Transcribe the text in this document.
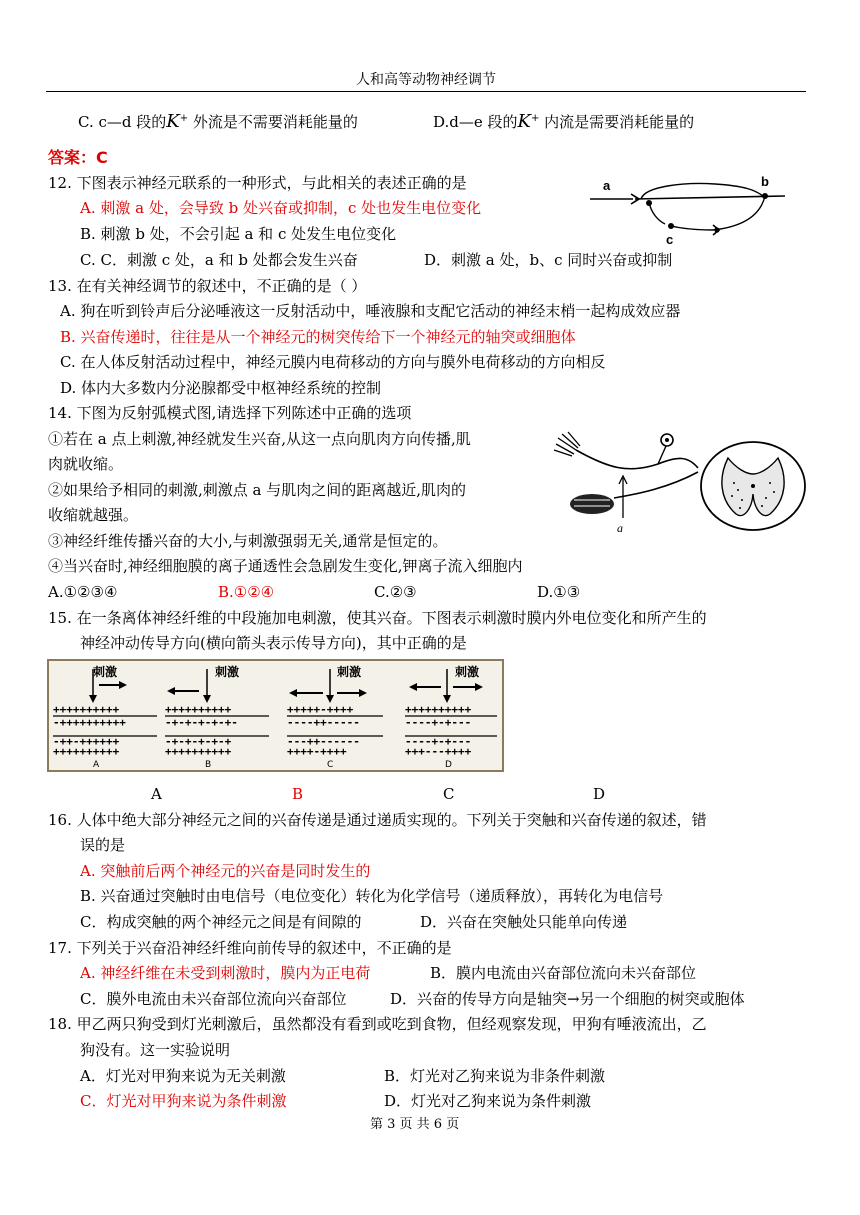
人和高等动物神经调节
C. c—d 段的K+ 外流是不需要消耗能量的	D.d—e 段的K+ 内流是需要消耗能量的
答案：C
12. 下图表示神经元联系的一种形式，与此相关的表述正确的是
A. 刺激 a 处，会导致 b 处兴奋或抑制，c 处也发生电位变化
B. 刺激 b 处，不会引起 a 和 c 处发生电位变化
C. C．刺激 c 处，a 和 b 处都会发生兴奋	D．刺激 a 处，b、c 同时兴奋或抑制
a	b
c
13. 在有关神经调节的叙述中，不正确的是（ ）
A. 狗在听到铃声后分泌唾液这一反射活动中，唾液腺和支配它活动的神经末梢一起构成效应器
B. 兴奋传递时，往往是从一个神经元的树突传给下一个神经元的轴突或细胞体
C. 在人体反射活动过程中，神经元膜内电荷移动的方向与膜外电荷移动的方向相反
D. 体内大多数内分泌腺都受中枢神经系统的控制
14. 下图为反射弧模式图,请选择下列陈述中正确的选项
①若在 a 点上刺激,神经就发生兴奋,从这一点向肌肉方向传播,肌
肉就收缩。
②如果给予相同的刺激,刺激点 a 与肌肉之间的距离越近,肌肉的
收缩就越强。
③神经纤维传播兴奋的大小,与刺激强弱无关,通常是恒定的。
④当兴奋时,神经细胞膜的离子通透性会急剧发生变化,钾离子流入细胞内
A.①②③④	B.①②④	C.②③	D.①③
a
15. 在一条离体神经纤维的中段施加电刺激，使其兴奋。下图表示刺激时膜内外电位变化和所产生的
神经冲动传导方向(横向箭头表示传导方向)，其中正确的是
刺激
++++++++++
-++++++++++
-++-++++++
++++++++++
A
刺激
++++++++++
-+-+-+-+-+-
-+-+-+-+-+
++++++++++
B
刺激
+++++-++++
----++-----
---++------
++++-++++
C
刺激
++++++++++
----+-+---
----+-+---
+++---++++
D
A	B	C	D
16. 人体中绝大部分神经元之间的兴奋传递是通过递质实现的。下列关于突触和兴奋传递的叙述，错
误的是
A. 突触前后两个神经元的兴奋是同时发生的
B. 兴奋通过突触时由电信号（电位变化）转化为化学信号（递质释放），再转化为电信号
C．构成突触的两个神经元之间是有间隙的	D．兴奋在突触处只能单向传递
17. 下列关于兴奋沿神经纤维向前传导的叙述中，不正确的是
A. 神经纤维在未受到刺激时，膜内为正电荷	B．膜内电流由兴奋部位流向未兴奋部位
C．膜外电流由未兴奋部位流向兴奋部位	D．兴奋的传导方向是轴突→另一个细胞的树突或胞体
18. 甲乙两只狗受到灯光刺激后，虽然都没有看到或吃到食物，但经观察发现，甲狗有唾液流出，乙
狗没有。这一实验说明
A．灯光对甲狗来说为无关刺激	B．灯光对乙狗来说为非条件刺激
C．灯光对甲狗来说为条件刺激	D．灯光对乙狗来说为条件刺激
第 3 页 共 6 页
